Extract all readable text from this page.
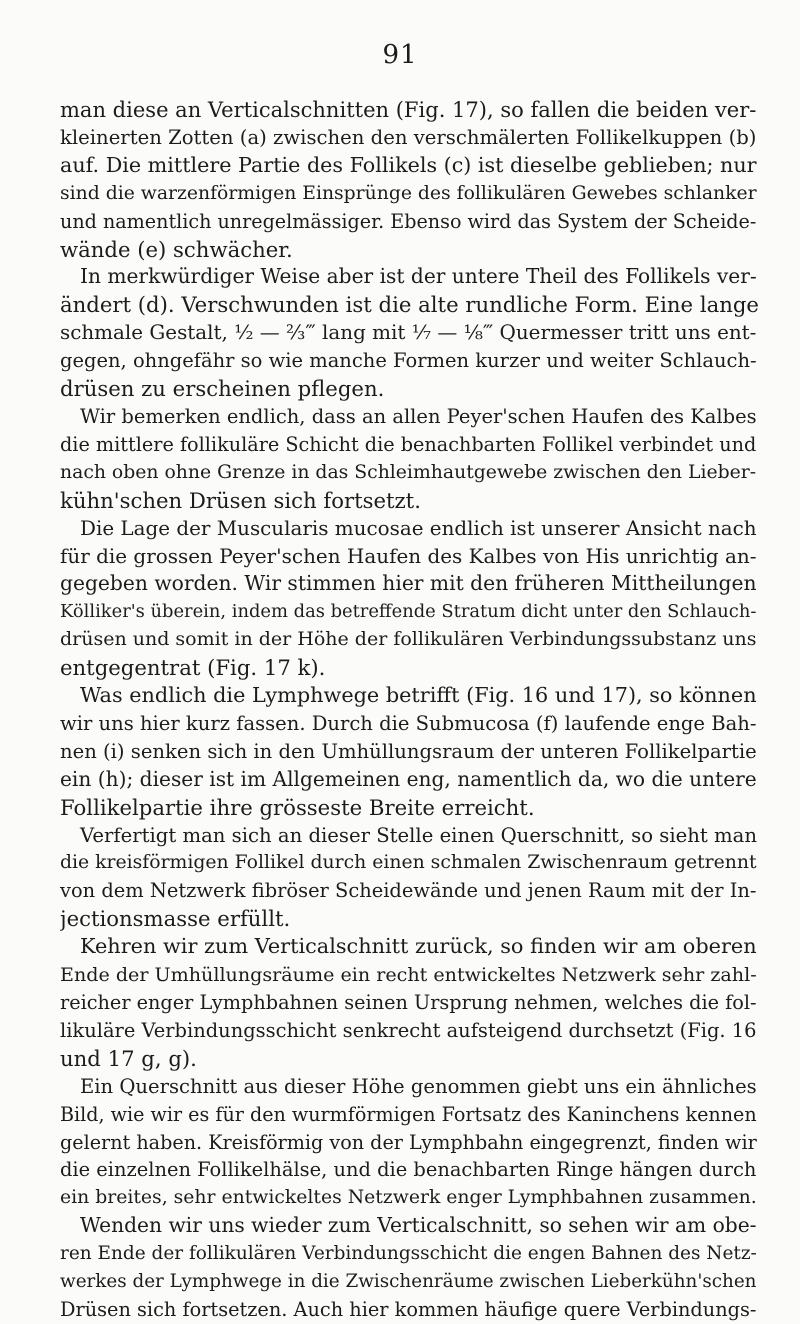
91
man diese an Verticalschnitten (Fig. 17), so fallen die beiden ver-
kleinerten Zotten (a) zwischen den verschmälerten Follikelkuppen (b)
auf. Die mittlere Partie des Follikels (c) ist dieselbe geblieben; nur
sind die warzenförmigen Einsprünge des follikulären Gewebes schlanker
und namentlich unregelmässiger. Ebenso wird das System der Scheide-
wände (e) schwächer.
In merkwürdiger Weise aber ist der untere Theil des Follikels ver-
ändert (d). Verschwunden ist die alte rundliche Form. Eine lange
schmale Gestalt, ½ — ⅔‴ lang mit ⅐ — ⅛‴ Quermesser tritt uns ent-
gegen, ohngefähr so wie manche Formen kurzer und weiter Schlauch-
drüsen zu erscheinen pflegen.
Wir bemerken endlich, dass an allen Peyer'schen Haufen des Kalbes
die mittlere follikuläre Schicht die benachbarten Follikel verbindet und
nach oben ohne Grenze in das Schleimhautgewebe zwischen den Lieber-
kühn'schen Drüsen sich fortsetzt.
Die Lage der Muscularis mucosae endlich ist unserer Ansicht nach
für die grossen Peyer'schen Haufen des Kalbes von His unrichtig an-
gegeben worden. Wir stimmen hier mit den früheren Mittheilungen
Kölliker's überein, indem das betreffende Stratum dicht unter den Schlauch-
drüsen und somit in der Höhe der follikulären Verbindungssubstanz uns
entgegentrat (Fig. 17 k).
Was endlich die Lymphwege betrifft (Fig. 16 und 17), so können
wir uns hier kurz fassen. Durch die Submucosa (f) laufende enge Bah-
nen (i) senken sich in den Umhüllungsraum der unteren Follikelpartie
ein (h); dieser ist im Allgemeinen eng, namentlich da, wo die untere
Follikelpartie ihre grösseste Breite erreicht.
Verfertigt man sich an dieser Stelle einen Querschnitt, so sieht man
die kreisförmigen Follikel durch einen schmalen Zwischenraum getrennt
von dem Netzwerk fibröser Scheidewände und jenen Raum mit der In-
jectionsmasse erfüllt.
Kehren wir zum Verticalschnitt zurück, so finden wir am oberen
Ende der Umhüllungsräume ein recht entwickeltes Netzwerk sehr zahl-
reicher enger Lymphbahnen seinen Ursprung nehmen, welches die fol-
likuläre Verbindungsschicht senkrecht aufsteigend durchsetzt (Fig. 16
und 17 g, g).
Ein Querschnitt aus dieser Höhe genommen giebt uns ein ähnliches
Bild, wie wir es für den wurmförmigen Fortsatz des Kaninchens kennen
gelernt haben. Kreisförmig von der Lymphbahn eingegrenzt, finden wir
die einzelnen Follikelhälse, und die benachbarten Ringe hängen durch
ein breites, sehr entwickeltes Netzwerk enger Lymphbahnen zusammen.
Wenden wir uns wieder zum Verticalschnitt, so sehen wir am obe-
ren Ende der follikulären Verbindungsschicht die engen Bahnen des Netz-
werkes der Lymphwege in die Zwischenräume zwischen Lieberkühn'schen
Drüsen sich fortsetzen. Auch hier kommen häufige quere Verbindungs-
